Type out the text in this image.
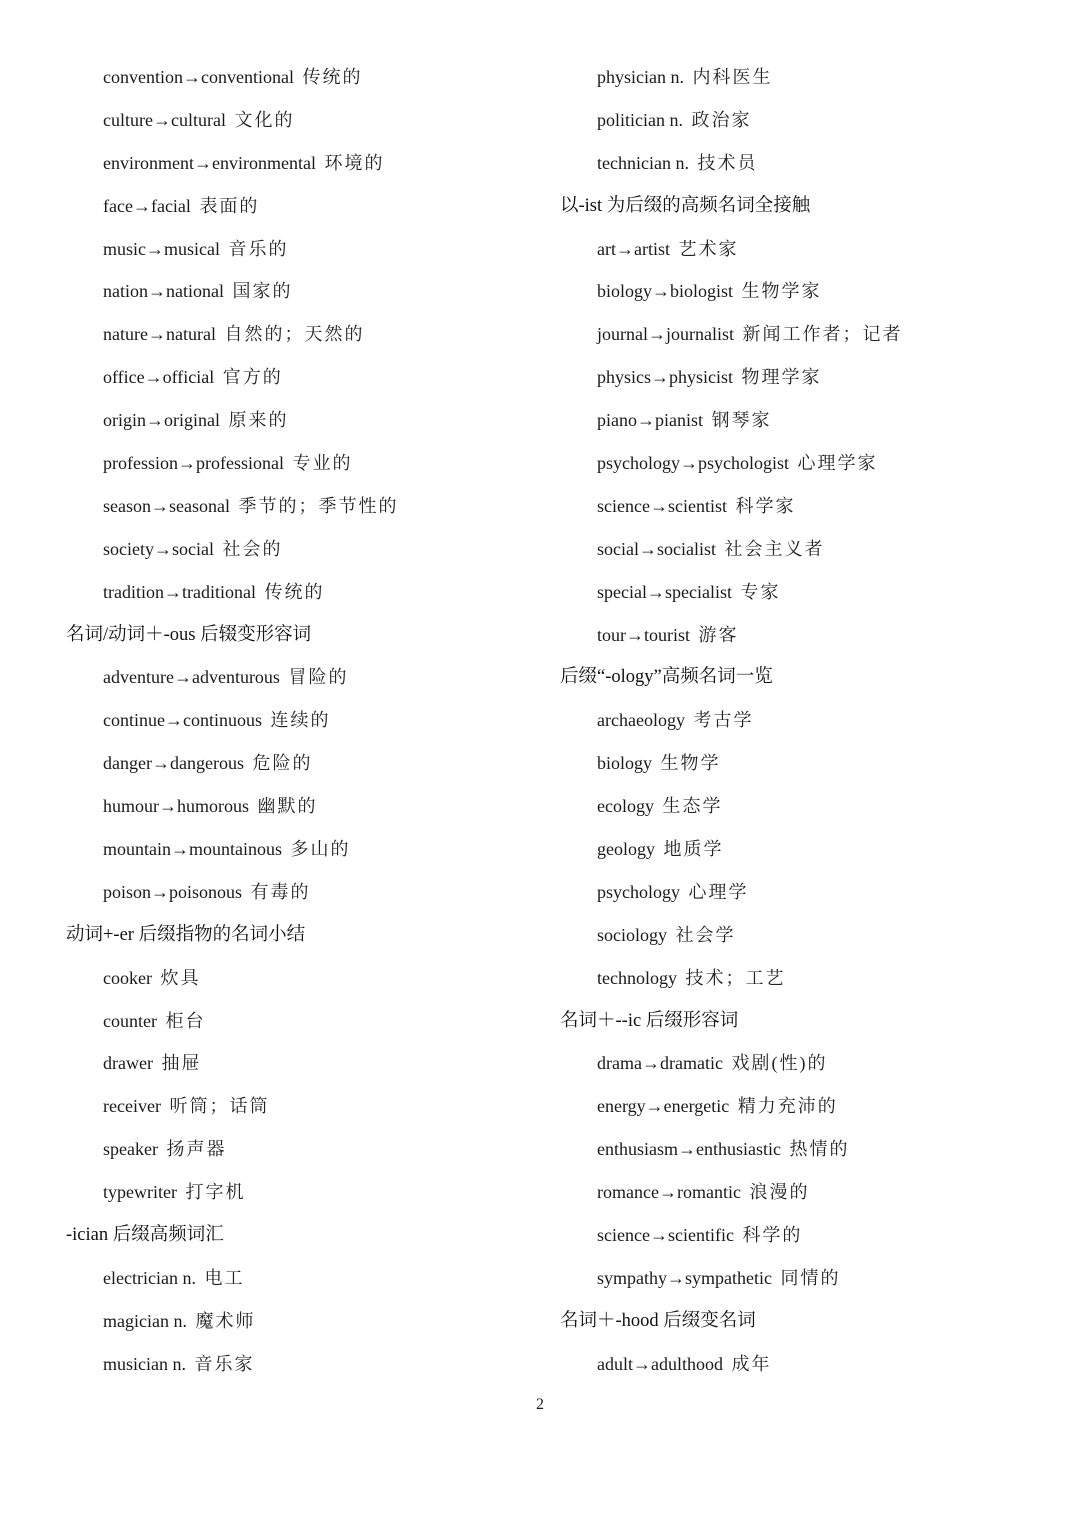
convention→conventional 传统的
culture→cultural 文化的
environment→environmental 环境的
face→facial 表面的
music→musical 音乐的
nation→national 国家的
nature→natural 自然的；天然的
office→official 官方的
origin→original 原来的
profession→professional 专业的
season→seasonal 季节的；季节性的
society→social 社会的
tradition→traditional 传统的
名词/动词＋-ous 后辍变形容词
adventure→adventurous 冒险的
continue→continuous 连续的
danger→dangerous 危险的
humour→humorous 幽默的
mountain→mountainous 多山的
poison→poisonous 有毒的
动词+-er 后缀指物的名词小结
cooker 炊具
counter 柜台
drawer 抽屉
receiver 听筒；话筒
speaker 扬声器
typewriter 打字机
-ician 后缀高频词汇
electrician n. 电工
magician n. 魔术师
musician n. 音乐家
physician n. 内科医生
politician n. 政治家
technician n. 技术员
以-ist 为后缀的高频名词全接触
art→artist 艺术家
biology→biologist 生物学家
journal→journalist 新闻工作者；记者
physics→physicist 物理学家
piano→pianist 钢琴家
psychology→psychologist 心理学家
science→scientist 科学家
social→socialist 社会主义者
special→specialist 专家
tour→tourist 游客
后缀“-ology”高频名词一览
archaeology 考古学
biology 生物学
ecology 生态学
geology 地质学
psychology 心理学
sociology 社会学
technology 技术；工艺
名词＋--ic 后缀形容词
drama→dramatic 戏剧(性)的
energy→energetic 精力充沛的
enthusiasm→enthusiastic 热情的
romance→romantic 浪漫的
science→scientific 科学的
sympathy→sympathetic 同情的
名词＋-hood 后缀变名词
adult→adulthood 成年
2
